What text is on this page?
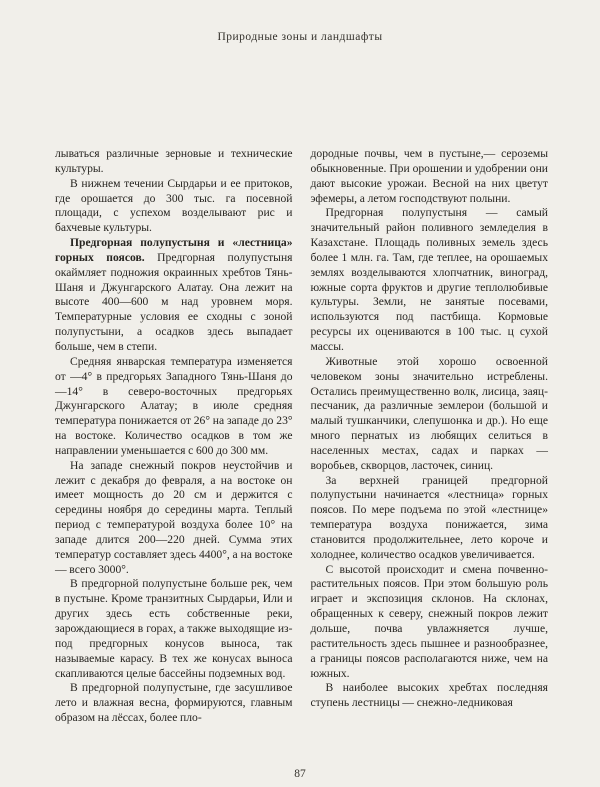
Природные зоны и ландшафты

лываться различные зерновые и технические культуры.

В нижнем течении Сырдарьи и ее притоков, где орошается до 300 тыс. га посевной площади, с успехом возделывают рис и бахчевые культуры.

Предгорная полупустыня и «лестница» горных поясов. Предгорная полупустыня окаймляет подножия окраинных хребтов Тянь-Шаня и Джунгарского Алатау. Она лежит на высоте 400—600 м над уровнем моря. Температурные условия ее сходны с зоной полупустыни, а осадков здесь выпадает больше, чем в степи.

Средняя январская температура изменяется от —4° в предгорьях Западного Тянь-Шаня до —14° в северо-восточных предгорьях Джунгарского Алатау; в июле средняя температура понижается от 26° на западе до 23° на востоке. Количество осадков в том же направлении уменьшается с 600 до 300 мм.

На западе снежный покров неустойчив и лежит с декабря до февраля, а на востоке он имеет мощность до 20 см и держится с середины ноября до середины марта. Теплый период с температурой воздуха более 10° на западе длится 200—220 дней. Сумма этих температур составляет здесь 4400°, а на востоке — всего 3000°.

В предгорной полупустыне больше рек, чем в пустыне. Кроме транзитных Сырдарьи, Или и других здесь есть собственные реки, зарождающиеся в горах, а также выходящие из-под предгорных конусов выноса, так называемые карасу. В тех же конусах выноса скапливаются целые бассейны подземных вод.

В предгорной полупустыне, где засушливое лето и влажная весна, формируются, главным образом на лёссах, более пло-

дородные почвы, чем в пустыне,— сероземы обыкновенные. При орошении и удобрении они дают высокие урожаи. Весной на них цветут эфемеры, а летом господствуют полыни.

Предгорная полупустыня — самый значительный район поливного земледелия в Казахстане. Площадь поливных земель здесь более 1 млн. га. Там, где теплее, на орошаемых землях возделываются хлопчатник, виноград, южные сорта фруктов и другие теплолюбивые культуры. Земли, не занятые посевами, используются под пастбища. Кормовые ресурсы их оцениваются в 100 тыс. ц сухой массы.

Животные этой хорошо освоенной человеком зоны значительно истреблены. Остались преимущественно волк, лисица, заяц-песчаник, да различные землерои (большой и малый тушканчики, слепушонка и др.). Но еще много пернатых из любящих селиться в населенных местах, садах и парках — воробьев, скворцов, ласточек, синиц.

За верхней границей предгорной полупустыни начинается «лестница» горных поясов. По мере подъема по этой «лестнице» температура воздуха понижается, зима становится продолжительнее, лето короче и холоднее, количество осадков увеличивается.

С высотой происходит и смена почвенно-растительных поясов. При этом большую роль играет и экспозиция склонов. На склонах, обращенных к северу, снежный покров лежит дольше, почва увлажняется лучше, растительность здесь пышнее и разнообразнее, а границы поясов располагаются ниже, чем на южных.

В наиболее высоких хребтах последняя ступень лестницы — снежно-ледниковая

87
